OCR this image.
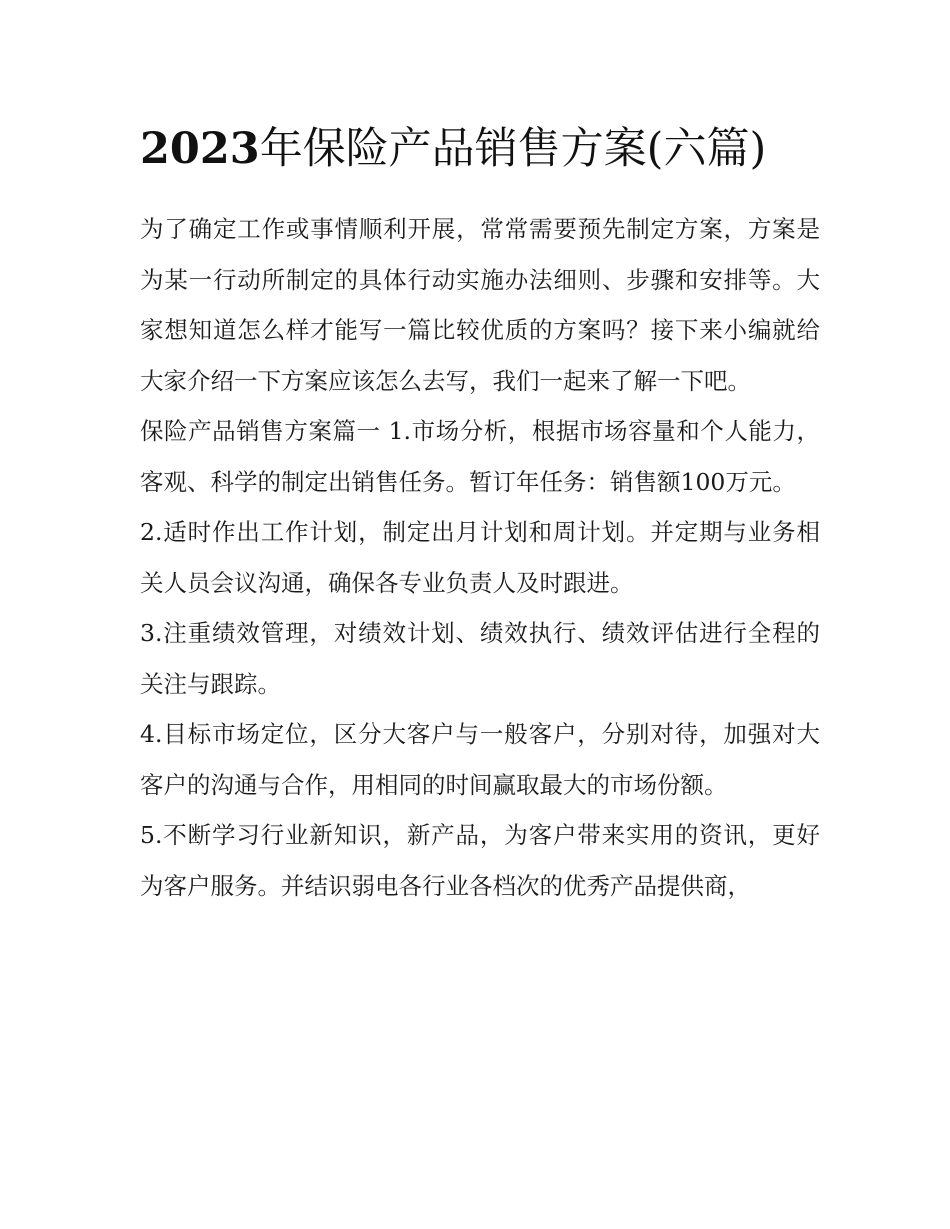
2023年保险产品销售方案(六篇)

为了确定工作或事情顺利开展，常常需要预先制定方案，方案是为某一行动所制定的具体行动实施办法细则、步骤和安排等。大家想知道怎么样才能写一篇比较优质的方案吗？接下来小编就给大家介绍一下方案应该怎么去写，我们一起来了解一下吧。

保险产品销售方案篇一 1.市场分析，根据市场容量和个人能力，客观、科学的制定出销售任务。暂订年任务：销售额100万元。

2.适时作出工作计划，制定出月计划和周计划。并定期与业务相关人员会议沟通，确保各专业负责人及时跟进。

3.注重绩效管理，对绩效计划、绩效执行、绩效评估进行全程的关注与跟踪。

4.目标市场定位，区分大客户与一般客户，分别对待，加强对大客户的沟通与合作，用相同的时间赢取最大的市场份额。

5.不断学习行业新知识，新产品，为客户带来实用的资讯，更好为客户服务。并结识弱电各行业各档次的优秀产品提供商，
